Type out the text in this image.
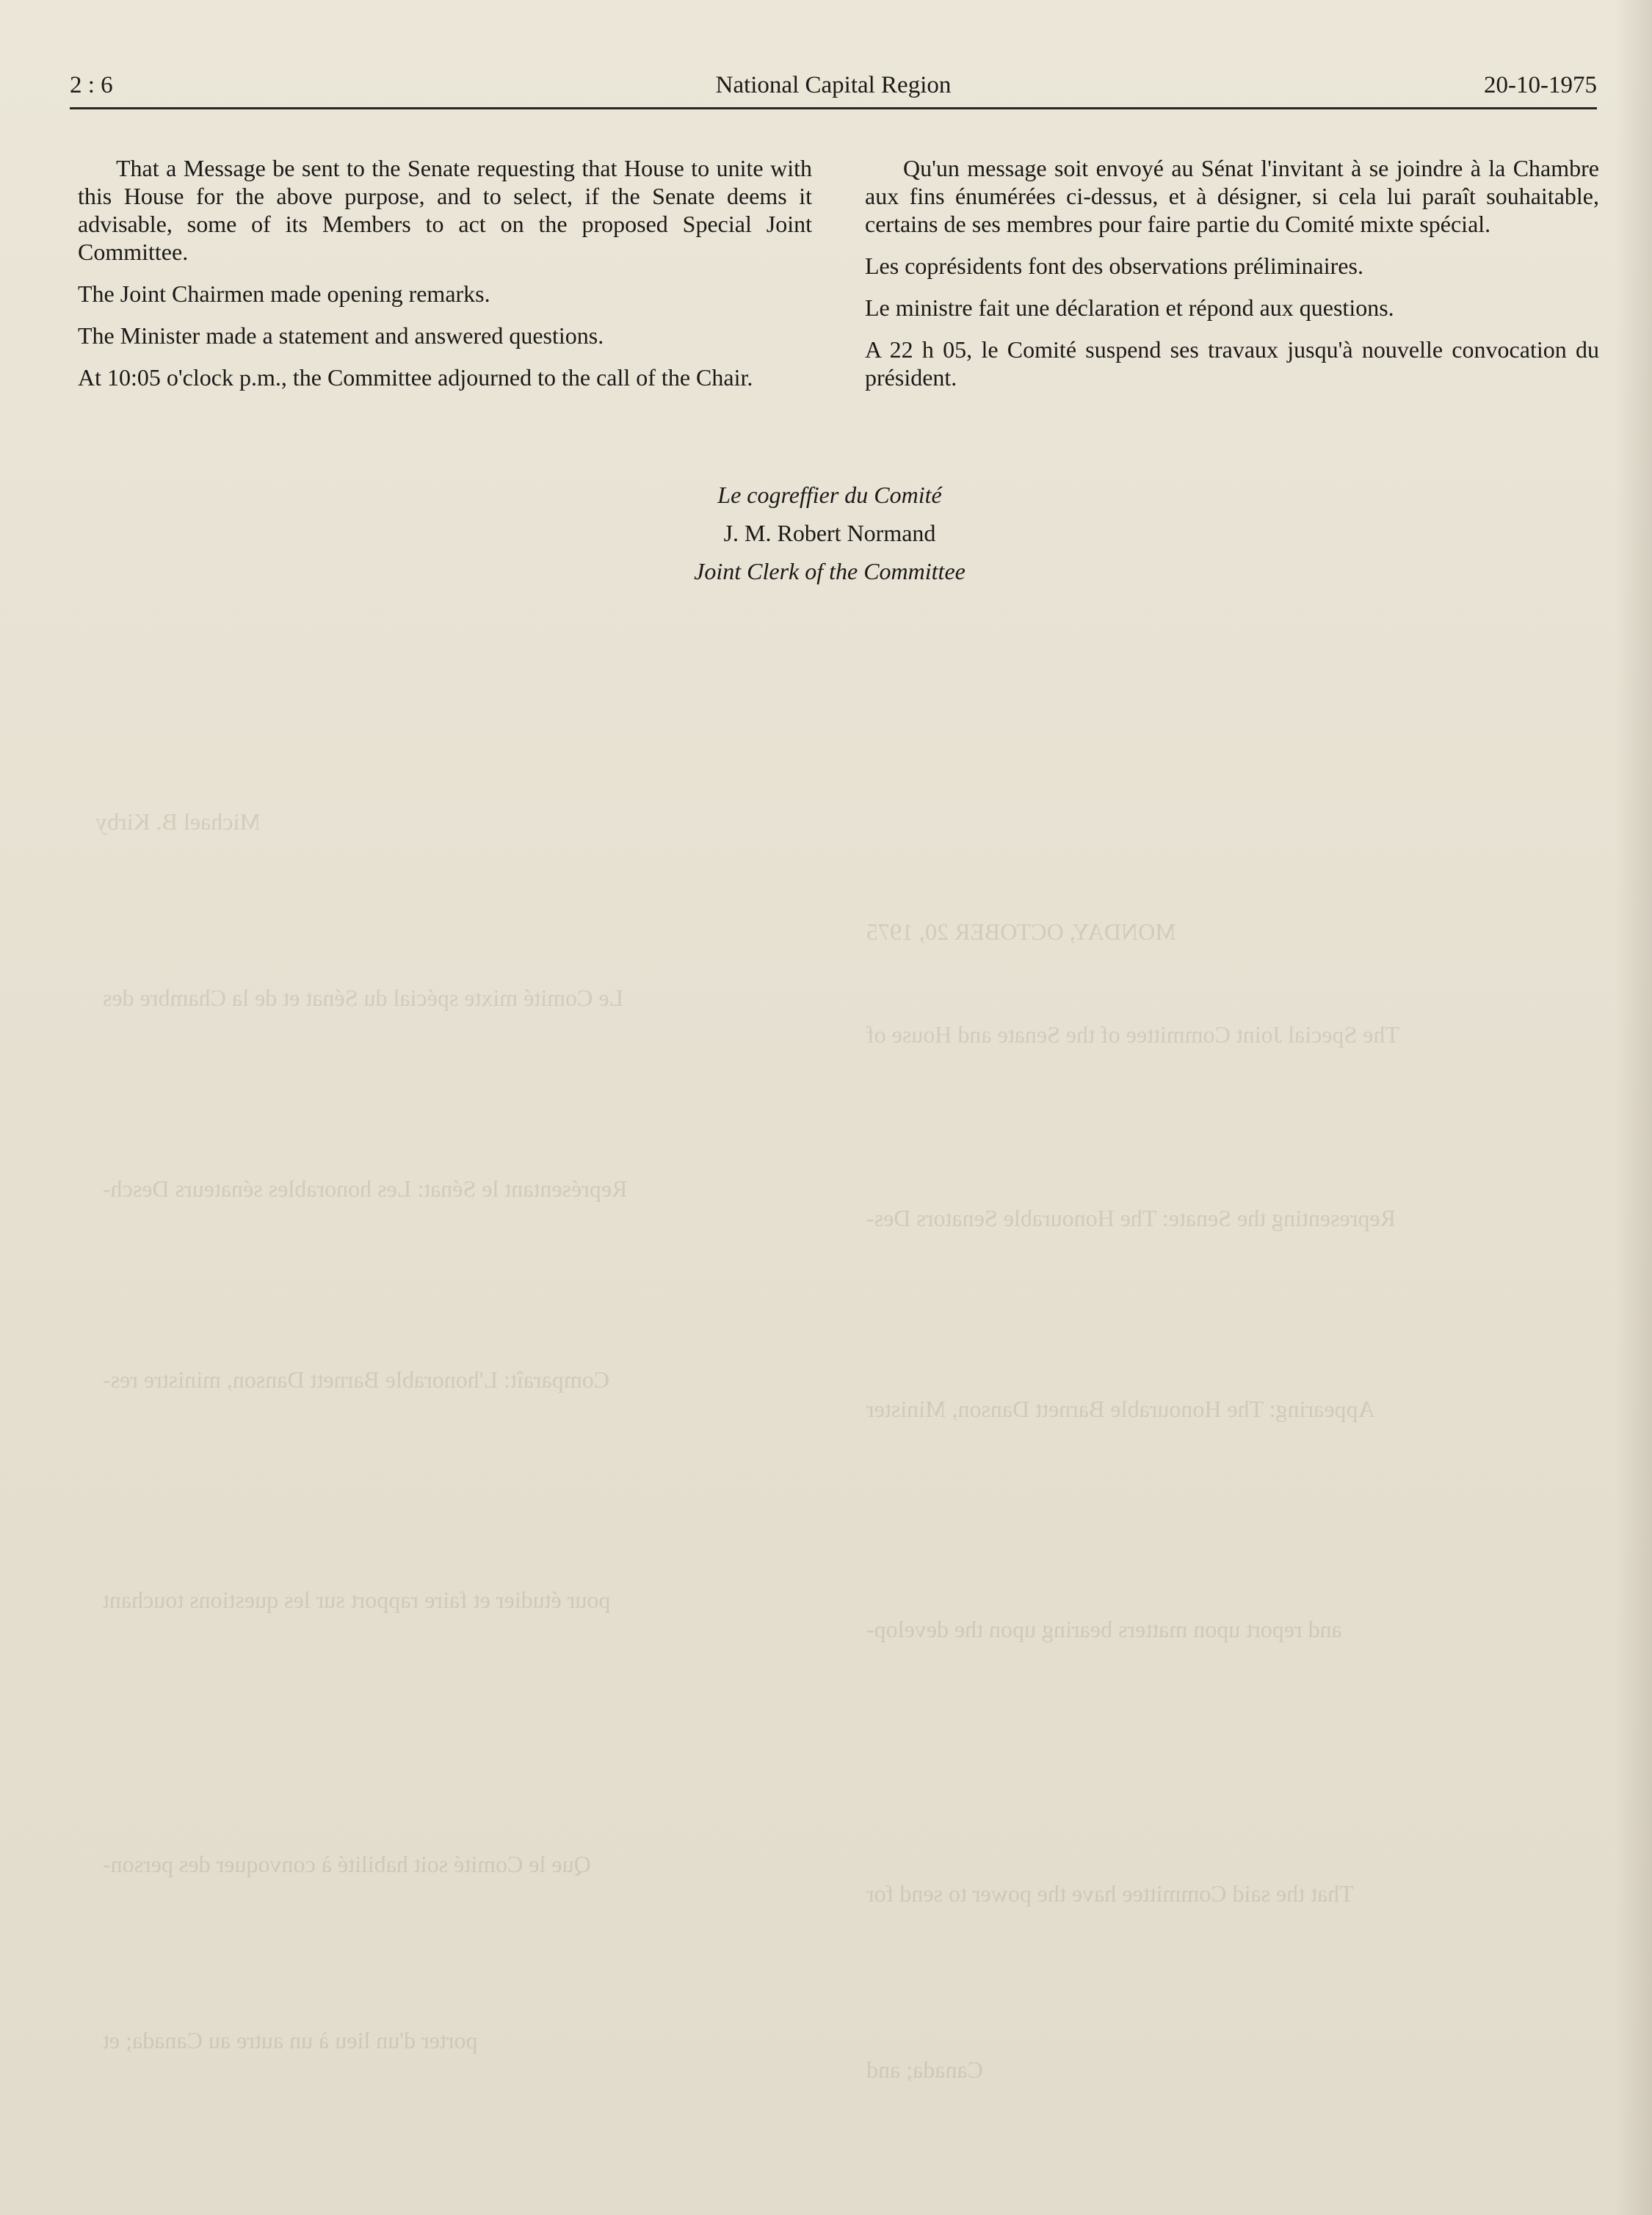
Michael B. Kirby
MONDAY, OCTOBER 20, 1975
Le Comité mixte spécial du Sénat et de la Chambre des
The Special Joint Committee of the Senate and House of
Représentant le Sénat: Les honorables sénateurs Desch-
Representing the Senate: The Honourable Senators Des-
Comparaît: L'honorable Barnett Danson, ministre res-
Appearing: The Honourable Barnett Danson, Minister
pour étudier et faire rapport sur les questions touchant
and report upon matters bearing upon the develop-
Que le Comité soit habilité à convoquer des person-
That the said Committee have the power to send for
porter d'un lieu à un autre au Canada; et
Canada; and
2 : 6	National Capital Region	20-10-1975

That a Message be sent to the Senate requesting that House to unite with this House for the above purpose, and to select, if the Senate deems it advisable, some of its Members to act on the proposed Special Joint Committee.

The Joint Chairmen made opening remarks.

The Minister made a statement and answered questions.

At 10:05 o'clock p.m., the Committee adjourned to the call of the Chair.

Qu'un message soit envoyé au Sénat l'invitant à se joindre à la Chambre aux fins énumérées ci-dessus, et à désigner, si cela lui paraît souhaitable, certains de ses membres pour faire partie du Comité mixte spécial.

Les coprésidents font des observations préliminaires.

Le ministre fait une déclaration et répond aux questions.

A 22 h 05, le Comité suspend ses travaux jusqu'à nouvelle convocation du président.

Le cogreffier du Comité
J. M. Robert Normand
Joint Clerk of the Committee
